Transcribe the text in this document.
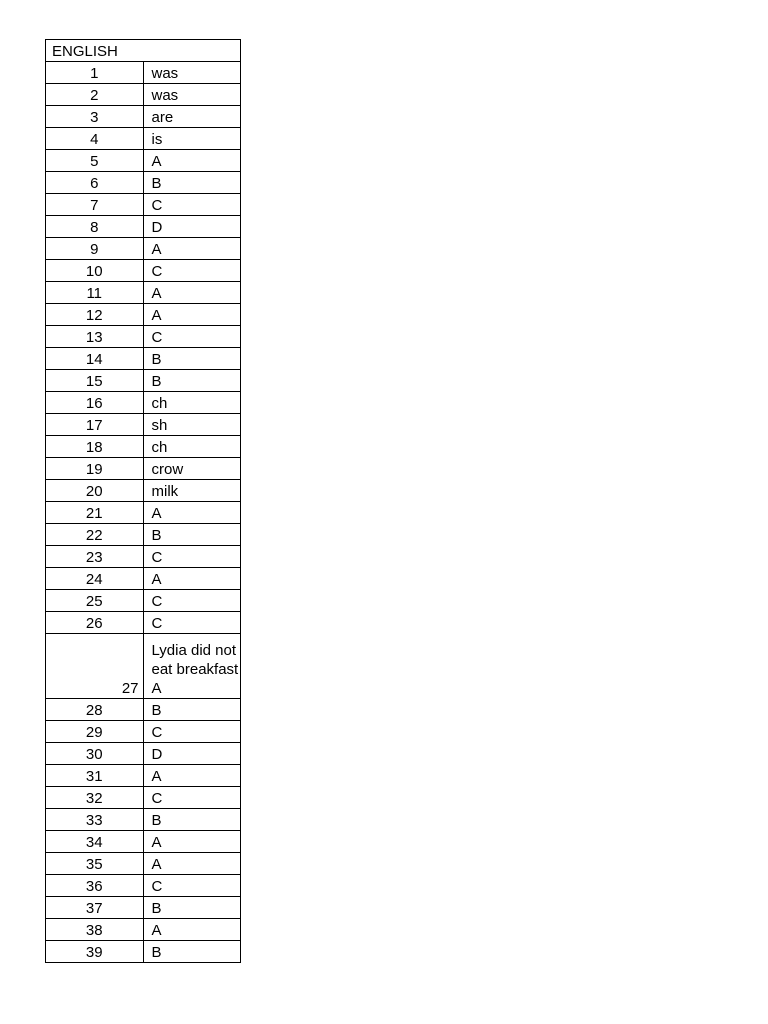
ENGLISH	
1	was
2	was
3	are
4	is
5	A
6	B
7	C
8	D
9	A
10	C
11	A
12	A
13	C
14	B
15	B
16	ch
17	sh
18	ch
19	crow
20	milk
21	A
22	B
23	C
24	A
25	C
26	C
27	Lydia did not
eat breakfast
A

28	B
29	C
30	D
31	A
32	C
33	B
34	A
35	A
36	C
37	B
38	A
39	B
